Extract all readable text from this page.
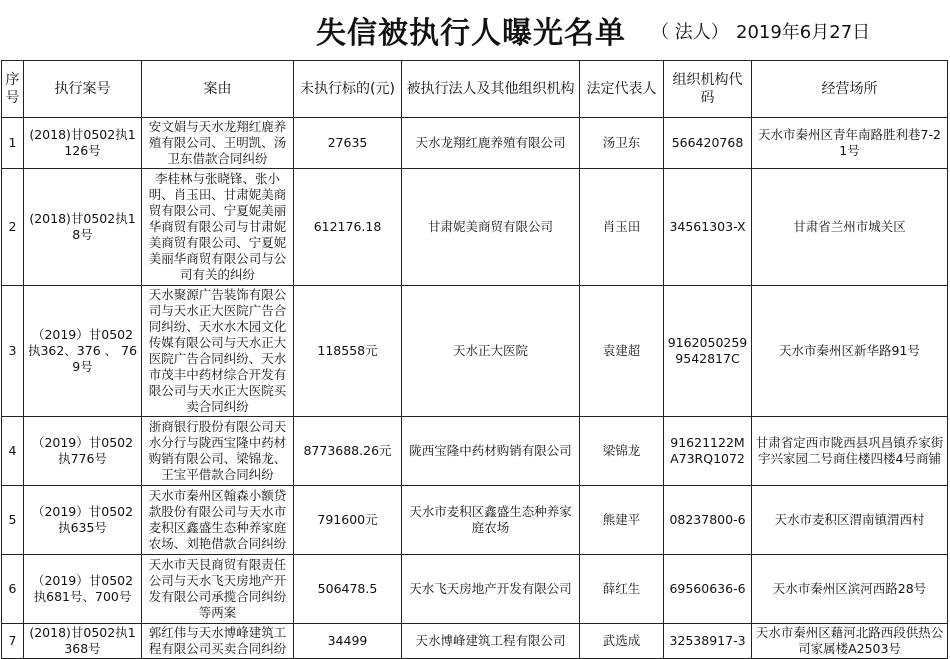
失信被执行人曝光名单 （ 法人） 2019年6月27日
序号	执行案号	案由	未执行标的(元)	被执行法人及其他组织机构	法定代表人	组织机构代码	经营场所
1	(2018)甘0502执1126号	安文娟与天水龙翔红鹿养殖有限公司、王明凯、汤卫东借款合同纠纷	27635	天水龙翔红鹿养殖有限公司	汤卫东	566420768	天水市秦州区青年南路胜利巷7-21号
2	(2018)甘0502执18号	李桂林与张晓锋、张小明、肖玉田、甘肃妮美商贸有限公司、宁夏妮美丽华商贸有限公司与甘肃妮美商贸有限公司、宁夏妮美丽华商贸有限公司与公司有关的纠纷	612176.18	甘肃妮美商贸有限公司	肖玉田	34561303-X	甘肃省兰州市城关区
3	（2019）甘0502执362、376 、 769号	天水聚源广告装饰有限公司与天水正大医院广告合同纠纷、天水水木园文化传媒有限公司与天水正大医院广告合同纠纷、天水市茂丰中药材综合开发有限公司与天水正大医院买卖合同纠纷	118558元	天水正大医院	袁建超	91620502599542817C	天水市秦州区新华路91号
4	（2019）甘0502执776号	浙商银行股份有限公司天水分行与陇西宝隆中药材购销有限公司、梁锦龙、王宝平借款合同纠纷	8773688.26元	陇西宝隆中药材购销有限公司	梁锦龙	91621122MA73RQ1072	甘肃省定西市陇西县巩昌镇乔家街宇兴家园二号商住楼四楼4号商铺
5	（2019）甘0502执635号	天水市秦州区翰森小额贷款股份有限公司与天水市麦积区鑫盛生态种养家庭农场、刘艳借款合同纠纷	791600元	天水市麦积区鑫盛生态种养家庭农场	熊建平	08237800-6	天水市麦积区渭南镇渭西村
6	（2019）甘0502执681号、700号	天水市天艮商贸有限责任公司与天水飞天房地产开发有限公司承揽合同纠纷等两案	506478.5	天水飞天房地产开发有限公司	薛红生	69560636-6	天水市秦州区滨河西路28号
7	(2018)甘0502执1368号	郭红伟与天水博峰建筑工程有限公司买卖合同纠纷	34499	天水博峰建筑工程有限公司	武选成	32538917-3	天水市秦州区藉河北路西段供热公司家属楼A2503号
